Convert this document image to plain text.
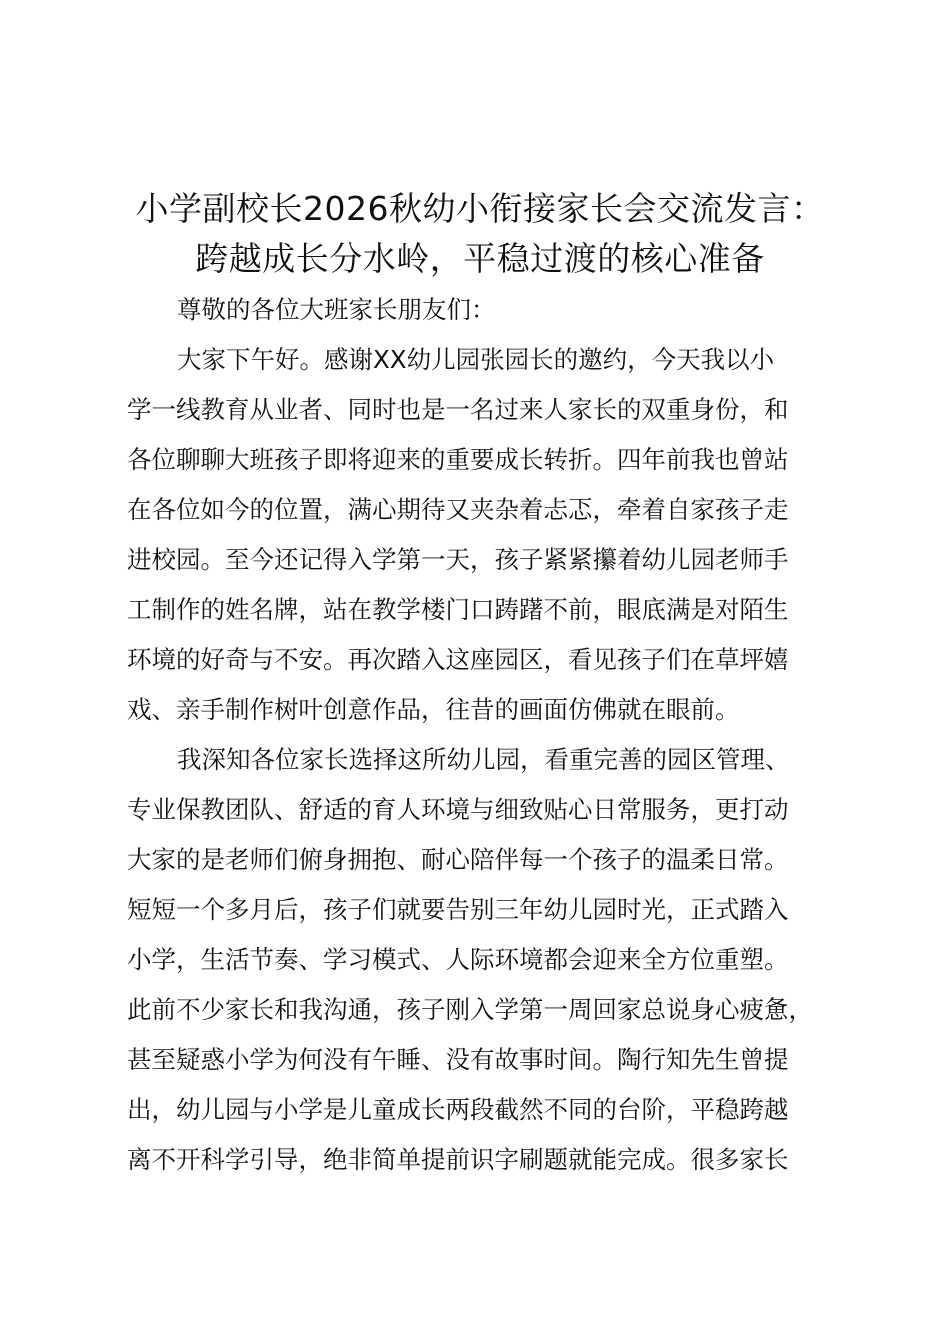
小学副校长2026秋幼小衔接家长会交流发言：
跨越成长分水岭，平稳过渡的核心准备
尊敬的各位大班家长朋友们：
大家下午好。感谢XX幼儿园张园长的邀约，今天我以小
学一线教育从业者、同时也是一名过来人家长的双重身份，和
各位聊聊大班孩子即将迎来的重要成长转折。四年前我也曾站
在各位如今的位置，满心期待又夹杂着忐忑，牵着自家孩子走
进校园。至今还记得入学第一天，孩子紧紧攥着幼儿园老师手
工制作的姓名牌，站在教学楼门口踌躇不前，眼底满是对陌生
环境的好奇与不安。再次踏入这座园区，看见孩子们在草坪嬉
戏、亲手制作树叶创意作品，往昔的画面仿佛就在眼前。
我深知各位家长选择这所幼儿园，看重完善的园区管理、
专业保教团队、舒适的育人环境与细致贴心日常服务，更打动
大家的是老师们俯身拥抱、耐心陪伴每一个孩子的温柔日常。
短短一个多月后，孩子们就要告别三年幼儿园时光，正式踏入
小学，生活节奏、学习模式、人际环境都会迎来全方位重塑。
此前不少家长和我沟通，孩子刚入学第一周回家总说身心疲惫，
甚至疑惑小学为何没有午睡、没有故事时间。陶行知先生曾提
出，幼儿园与小学是儿童成长两段截然不同的台阶，平稳跨越
离不开科学引导，绝非简单提前识字刷题就能完成。很多家长
